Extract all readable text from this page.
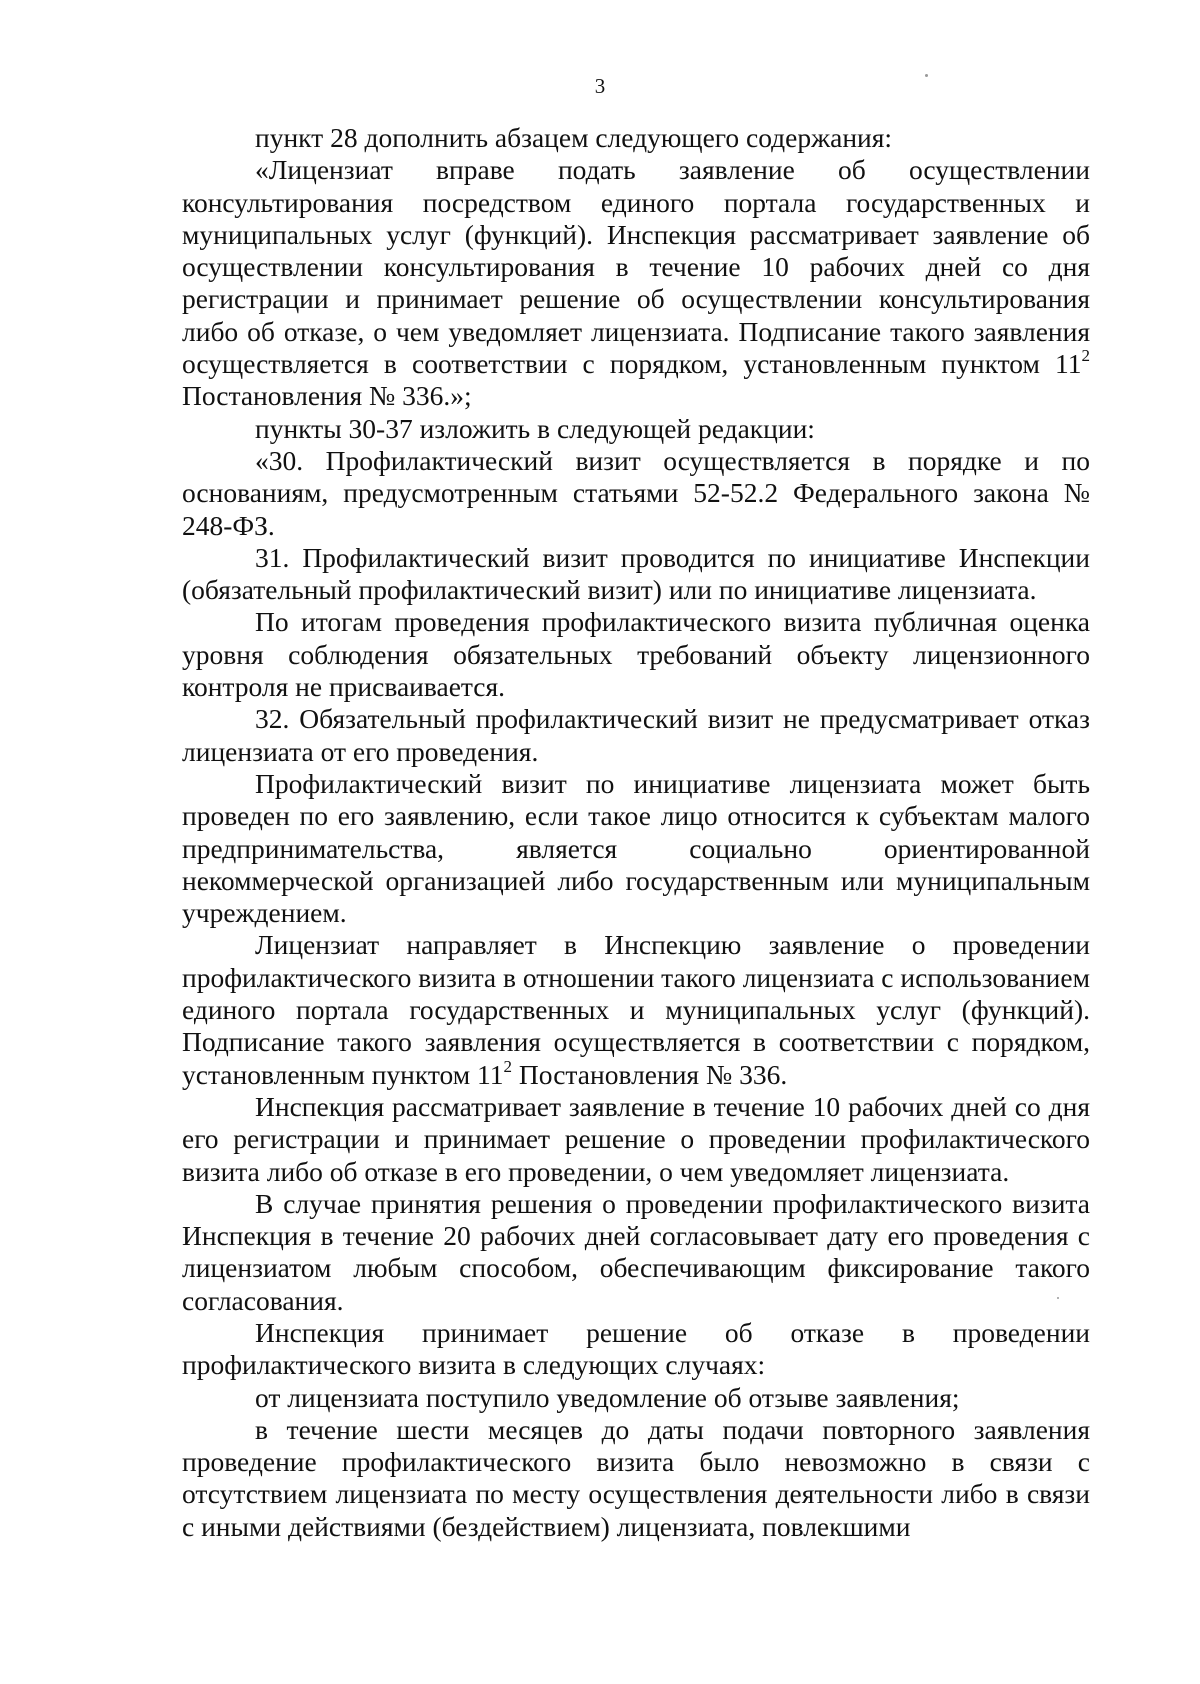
3

пункт 28 дополнить абзацем следующего содержания:

«Лицензиат вправе подать заявление об осуществлении консультирования посредством единого портала государственных и муниципальных услуг (функций). Инспекция рассматривает заявление об осуществлении консультирования в течение 10 рабочих дней со дня регистрации и принимает решение об осуществлении консультирования либо об отказе, о чем уведомляет лицензиата. Подписание такого заявления осуществляется в соответствии с порядком, установленным пунктом $11^2$ Постановления № 336.»;

пункты 30-37 изложить в следующей редакции:

«30. Профилактический визит осуществляется в порядке и по основаниям, предусмотренным статьями 52-52.2 Федерального закона № 248-ФЗ.

31. Профилактический визит проводится по инициативе Инспекции (обязательный профилактический визит) или по инициативе лицензиата.

По итогам проведения профилактического визита публичная оценка уровня соблюдения обязательных требований объекту лицензионного контроля не присваивается.

32. Обязательный профилактический визит не предусматривает отказ лицензиата от его проведения.

Профилактический визит по инициативе лицензиата может быть проведен по его заявлению, если такое лицо относится к субъектам малого предпринимательства, является социально ориентированной некоммерческой организацией либо государственным или муниципальным учреждением.

Лицензиат направляет в Инспекцию заявление о проведении профилактического визита в отношении такого лицензиата с использованием единого портала государственных и муниципальных услуг (функций). Подписание такого заявления осуществляется в соответствии с порядком, установленным пунктом $11^2$ Постановления № 336.

Инспекция рассматривает заявление в течение 10 рабочих дней со дня его регистрации и принимает решение о проведении профилактического визита либо об отказе в его проведении, о чем уведомляет лицензиата.

В случае принятия решения о проведении профилактического визита Инспекция в течение 20 рабочих дней согласовывает дату его проведения с лицензиатом любым способом, обеспечивающим фиксирование такого согласования.

Инспекция принимает решение об отказе в проведении профилактического визита в следующих случаях:

от лицензиата поступило уведомление об отзыве заявления;

в течение шести месяцев до даты подачи повторного заявления проведение профилактического визита было невозможно в связи с отсутствием лицензиата по месту осуществления деятельности либо в связи с иными действиями (бездействием) лицензиата, повлекшими
